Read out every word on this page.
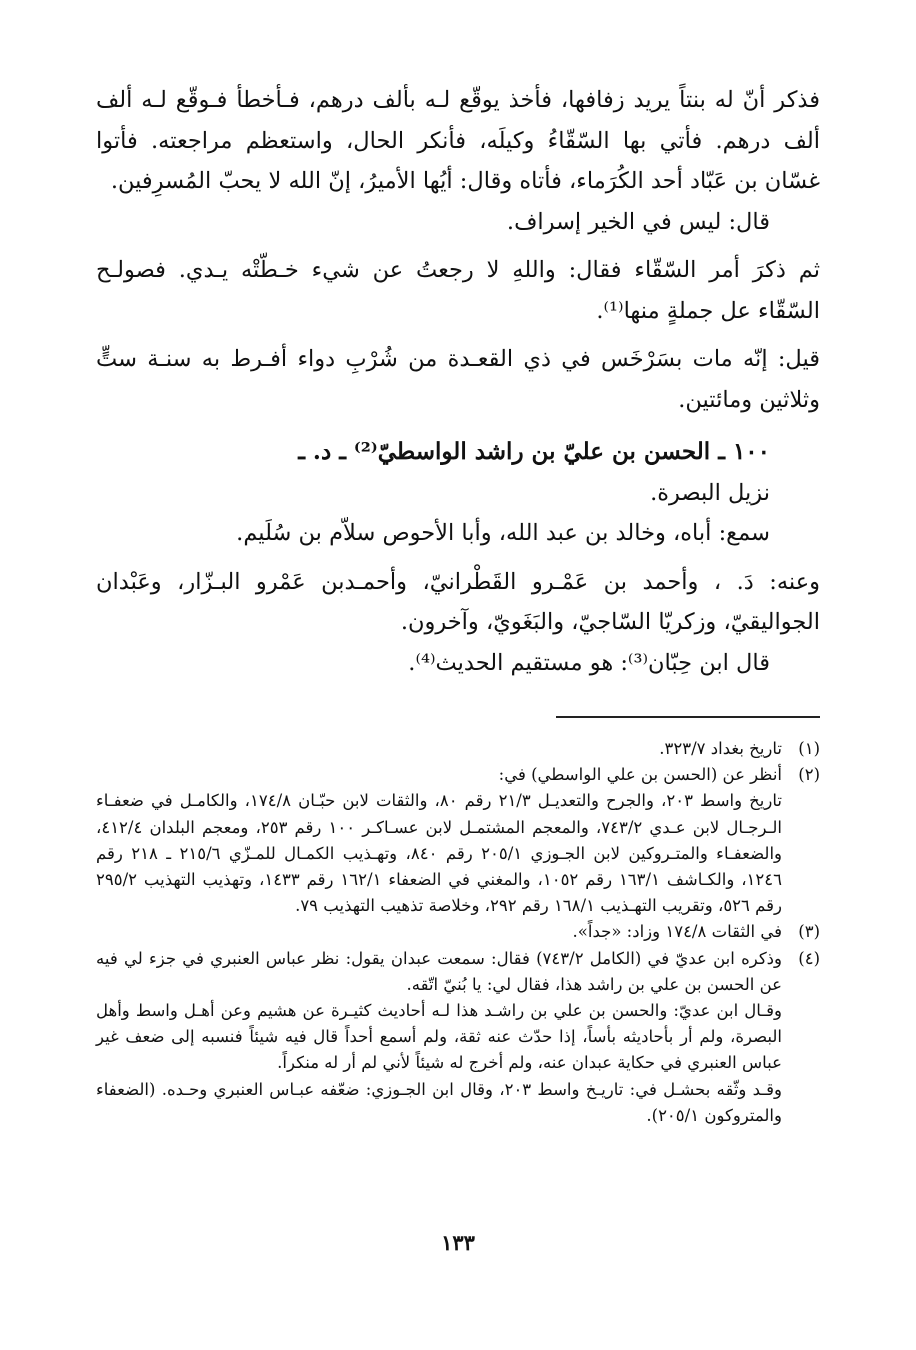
فذكر أنّ له بنتاً يريد زفافها، فأخذ يوقّع لـه بألف درهم، فـأخطأ فـوقّع لـه ألف ألف درهم. فأتي بها السّقّاءُ وكيلَه، فأنكر الحال، واستعظم مراجعته. فأتوا غسّان بن عَبّاد أحد الكُرَماء، فأتاه وقال: أيُها الأميرُ، إنّ الله لا يحبّ المُسرِفين.

قال: ليس في الخير إسراف.

ثم ذكرَ أمر السّقّاء فقال: واللهِ لا رجعتُ عن شيء خـطّتْه يـدي. فصولـح السّقّاء عل جملةٍ منها⁽¹⁾.

قيل: إنّه مات بسَرْخَس في ذي القعـدة من شُرْبِ دواء أفـرط به سنـة ستٍّ وثلاثين ومائتين.

١٠٠ ـ الحسن بن عليّ بن راشد الواسطيّ⁽²⁾ ـ د. ـ

نزيل البصرة.

سمع: أباه، وخالد بن عبد الله، وأبا الأحوص سلاّم بن سُلَيم.

وعنه: دَ. ، وأحمد بن عَمْـرو القَطْرانيّ، وأحمـدبن عَمْرو البـزّار، وعَبْدان الجواليقيّ، وزكريّا السّاجيّ، والبَغَويّ، وآخرون.

قال ابن حِبّان⁽³⁾: هو مستقيم الحديث⁽⁴⁾.

(١)
تاريخ بغداد ٣٢٣/٧.
(٢)
أنظر عن (الحسن بن علي الواسطي) في:
تاريخ واسط ٢٠٣، والجرح والتعديـل ٢١/٣ رقم ٨٠، والثقات لابن حبّـان ١٧٤/٨، والكامـل في ضعفـاء الـرجـال لابن عـدي ٧٤٣/٢، والمعجم المشتمـل لابن عسـاكـر ١٠٠ رقم ٢٥٣، ومعجم البلدان ٤١٢/٤، والضعفـاء والمتـروكين لابن الجـوزي ٢٠٥/١ رقم ٨٤٠، وتهـذيب الكمـال للمـزّي ٢١٥/٦ ـ ٢١٨ رقم ١٢٤٦، والكـاشف ١٦٣/١ رقم ١٠٥٢، والمغني في الضعفاء ١٦٢/١ رقم ١٤٣٣، وتهذيب التهذيب ٢٩٥/٢ رقم ٥٢٦، وتقريب التهـذيب ١٦٨/١ رقم ٢٩٢، وخلاصة تذهيب التهذيب ٧٩.
(٣)
في الثقات ١٧٤/٨ وزاد: «جداً».
(٤)
وذكره ابن عديّ في (الكامل ٧٤٣/٢) فقال: سمعت عبدان يقول: نظر عباس العنبري في جزء لي فيه عن الحسن بن علي بن راشد هذا، فقال لي: يا بُنيّ اتّقه.
وقـال ابن عديّ: والحسن بن علي بن راشـد هذا لـه أحاديث كثيـرة عن هشيم وعن أهـل واسط وأهل البصرة، ولم أر بأحاديثه بأساً، إذا حدّث عنه ثقة، ولم أسمع أحداً قال فيه شيئاً فنسبه إلى ضعف غير عباس العنبري في حكاية عبدان عنه، ولم أخرج له شيئاً لأني لم أر له منكراً.
وقـد وثّقه بحشـل في: تاريـخ واسط ٢٠٣، وقال ابن الجـوزي: ضعّفه عبـاس العنبري وحـده. (الضعفاء والمتروكون ٢٠٥/١).
١٣٣
